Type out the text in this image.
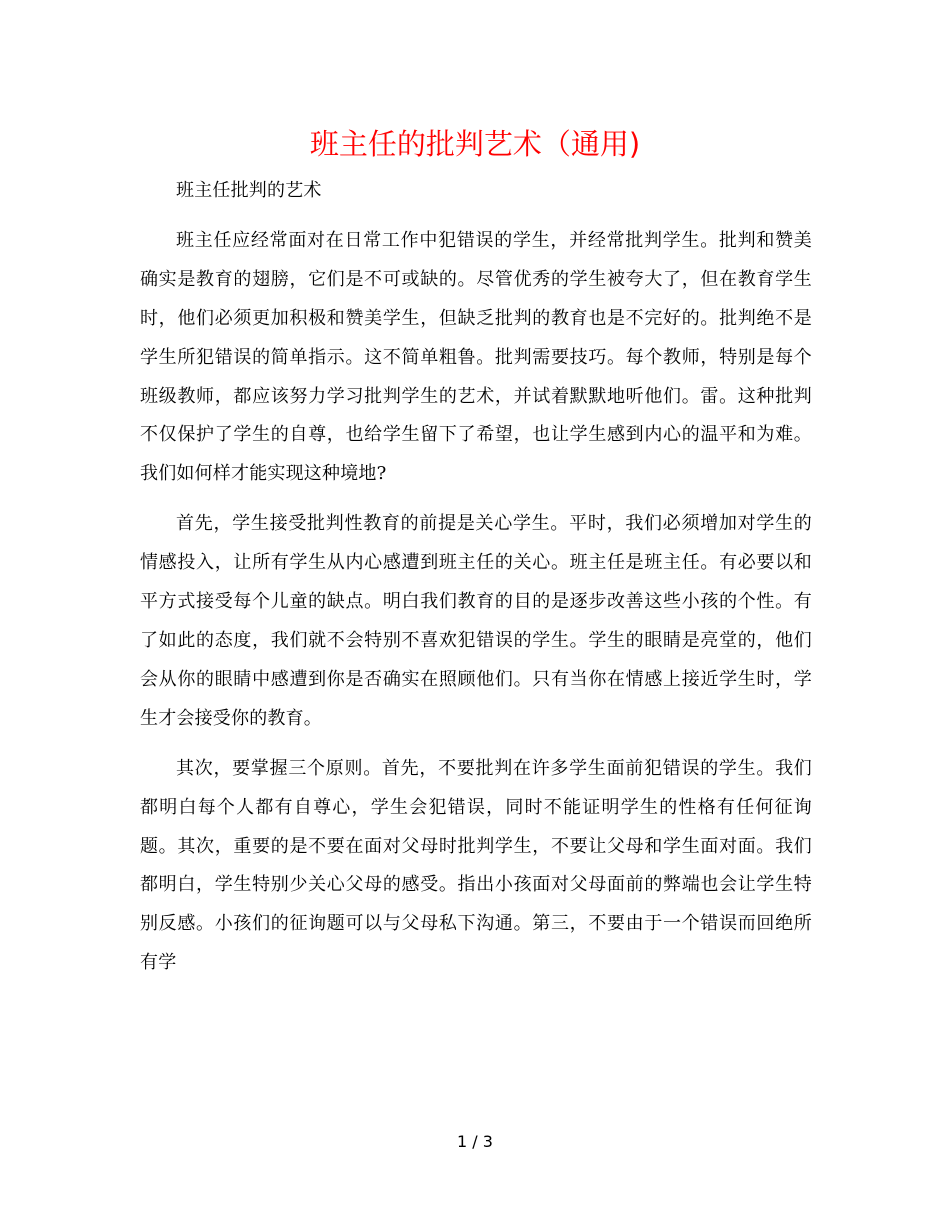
班主任的批判艺术（通用)

班主任批判的艺术

班主任应经常面对在日常工作中犯错误的学生，并经常批判学生。批判和赞美确实是教育的翅膀，它们是不可或缺的。尽管优秀的学生被夸大了，但在教育学生时，他们必须更加积极和赞美学生，但缺乏批判的教育也是不完好的。批判绝不是学生所犯错误的简单指示。这不简单粗鲁。批判需要技巧。每个教师，特别是每个班级教师，都应该努力学习批判学生的艺术，并试着默默地听他们。雷。这种批判不仅保护了学生的自尊，也给学生留下了希望，也让学生感到内心的温平和为难。我们如何样才能实现这种境地?

首先，学生接受批判性教育的前提是关心学生。平时，我们必须增加对学生的情感投入，让所有学生从内心感遭到班主任的关心。班主任是班主任。有必要以和平方式接受每个儿童的缺点。明白我们教育的目的是逐步改善这些小孩的个性。有了如此的态度，我们就不会特别不喜欢犯错误的学生。学生的眼睛是亮堂的，他们会从你的眼睛中感遭到你是否确实在照顾他们。只有当你在情感上接近学生时，学生才会接受你的教育。

其次，要掌握三个原则。首先，不要批判在许多学生面前犯错误的学生。我们都明白每个人都有自尊心，学生会犯错误，同时不能证明学生的性格有任何征询题。其次，重要的是不要在面对父母时批判学生，不要让父母和学生面对面。我们都明白，学生特别少关心父母的感受。指出小孩面对父母面前的弊端也会让学生特别反感。小孩们的征询题可以与父母私下沟通。第三，不要由于一个错误而回绝所有学

1 / 3
